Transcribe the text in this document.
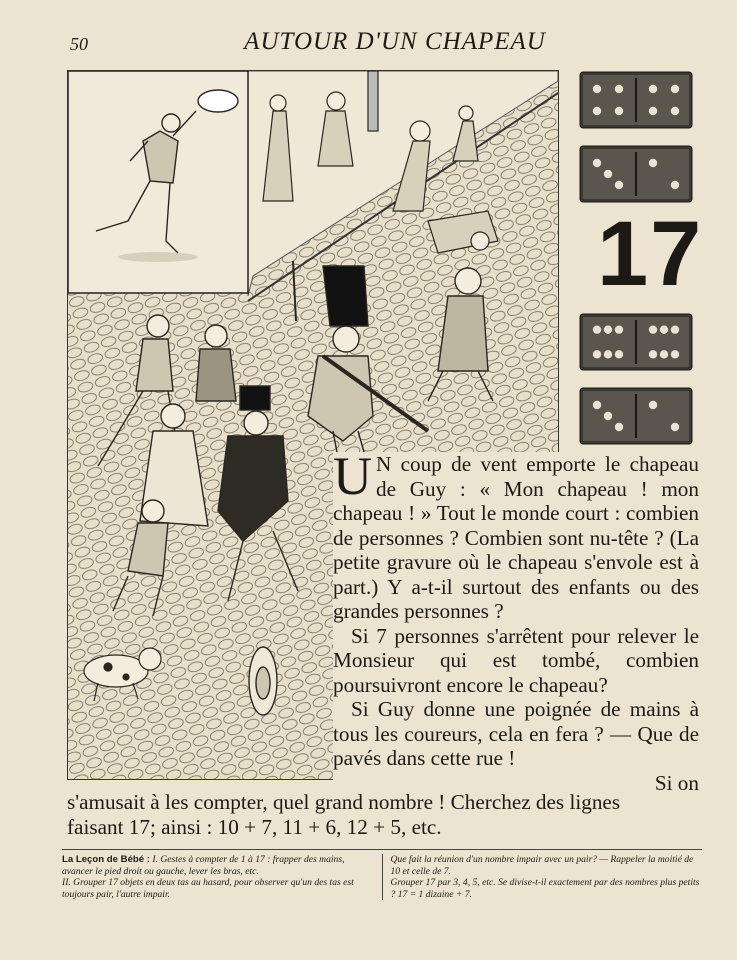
50	AUTOUR D'UN CHAPEAU
17

U N coup de vent emporte le chapeau de Guy : « Mon chapeau ! mon chapeau ! » Tout le monde court : combien de personnes ? Combien sont nu-tête ? (La petite gravure où le chapeau s'envole est à part.) Y a-t-il surtout des enfants ou des grandes personnes ?

Si 7 personnes s'arrêtent pour relever le Monsieur qui est tombé, combien poursuivront encore le chapeau?

Si Guy donne une poignée de mains à tous les coureurs, cela en fera ? — Que de pavés dans cette rue !

Si on

s'amusait à les compter, quel grand nombre ! Cherchez des lignes
faisant 17; ainsi : 10 + 7, 11 + 6, 12 + 5, etc.

La Leçon de Bébé : I. Gestes à compter de 1 à 17 : frapper des mains, avancer le pied droit ou gauche, lever les bras, etc.

II. Grouper 17 objets en deux tas au hasard, pour observer qu'un des tas est toujours pair, l'autre impair.

Que fait la réunion d'un nombre impair avec un pair? — Rappeler la moitié de 10 et celle de 7.

Grouper 17 par 3, 4, 5, etc. Se divise-t-il exactement par des nombres plus petits ? 17 = 1 dizaine + 7.
